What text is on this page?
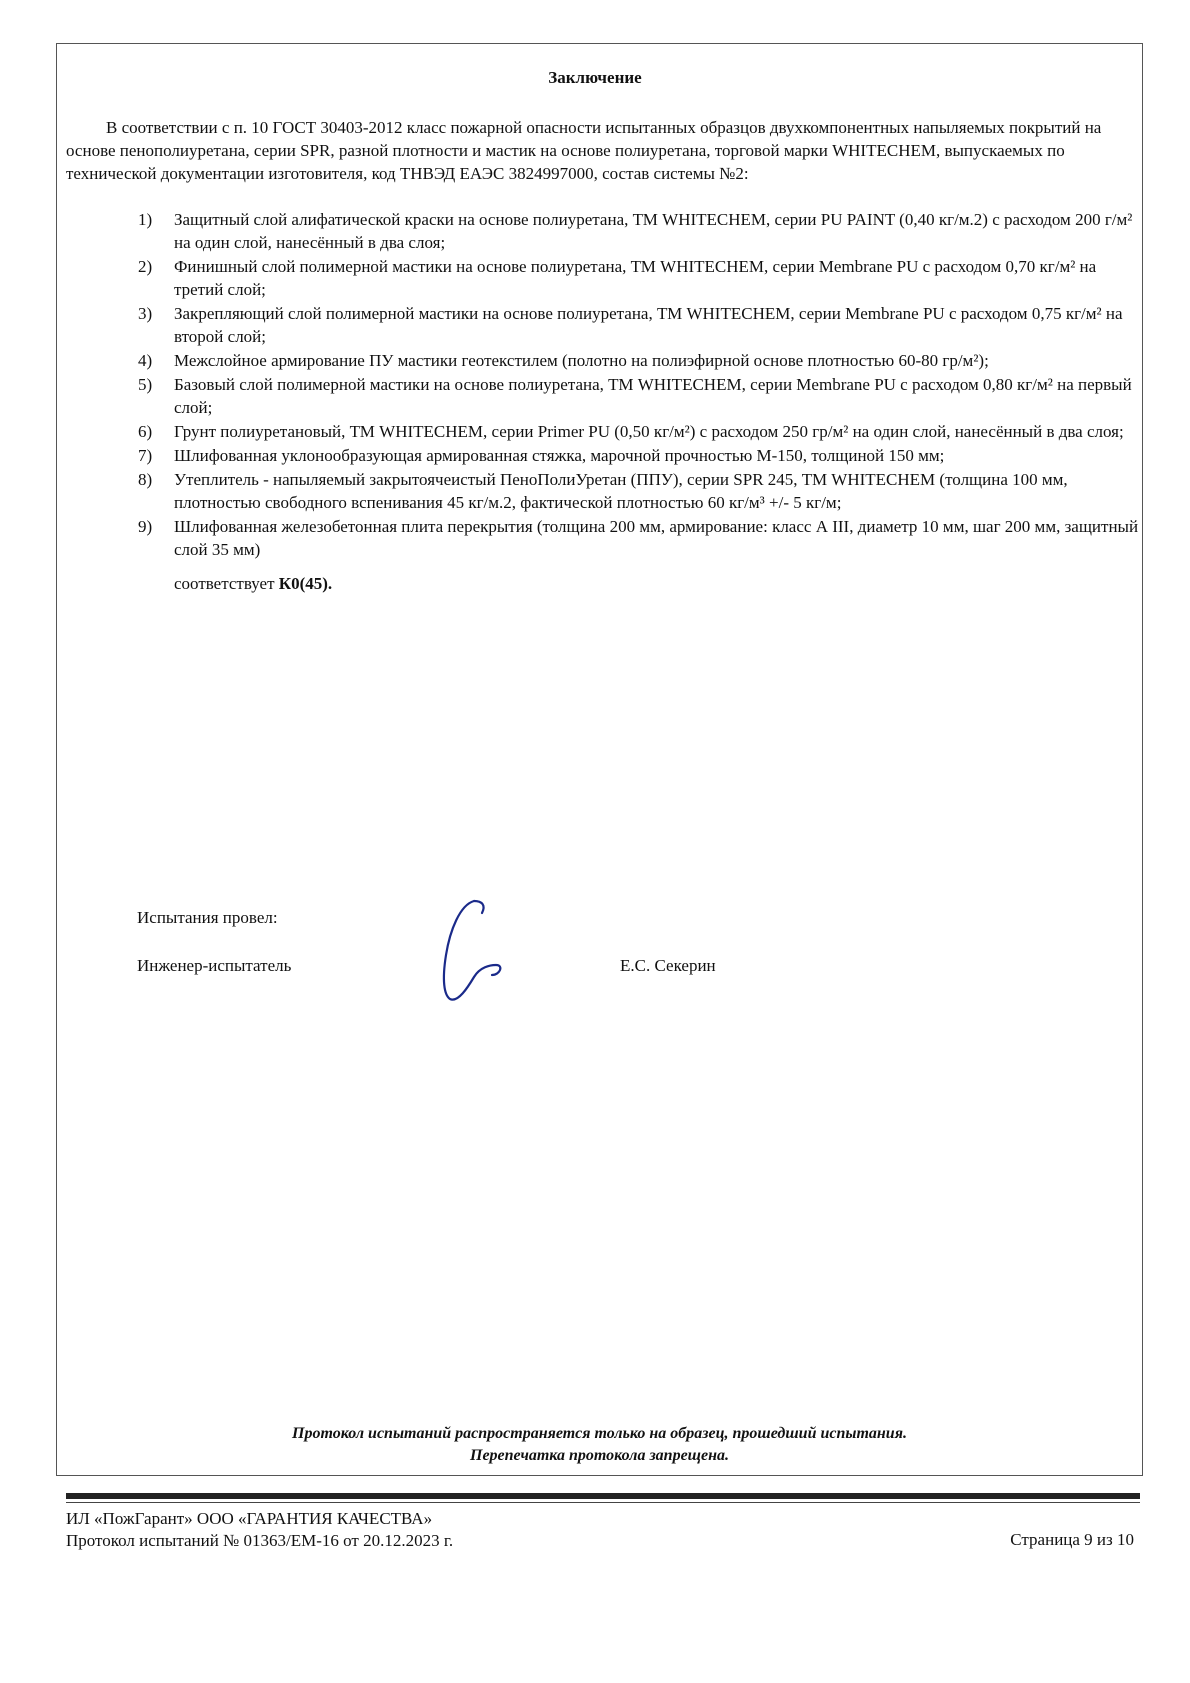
Заключение

В соответствии с п. 10 ГОСТ 30403-2012 класс пожарной опасности испытанных образцов двухкомпонентных напыляемых покрытий на основе пенополиуретана, серии SPR, разной плотности и мастик на основе полиуретана, торговой марки WHITECHEM, выпускаемых по технической документации изготовителя, код ТНВЭД ЕАЭС 3824997000, состав системы №2:

1) Защитный слой алифатической краски на основе полиуретана, ТМ WHITECHEM, серии PU PAINT (0,40 кг/м.2) с расходом 200 г/м² на один слой, нанесённый в два слоя;
2) Финишный слой полимерной мастики на основе полиуретана, ТМ WHITECHEM, серии Membrane PU с расходом 0,70 кг/м² на третий слой;
3) Закрепляющий слой полимерной мастики на основе полиуретана, ТМ WHITECHEM, серии Membrane PU с расходом 0,75 кг/м² на второй слой;
4) Межслойное армирование ПУ мастики геотекстилем (полотно на полиэфирной основе плотностью 60-80 гр/м²);
5) Базовый слой полимерной мастики на основе полиуретана, ТМ WHITECHEM, серии Membrane PU с расходом 0,80 кг/м² на первый слой;
6) Грунт полиуретановый, ТМ WHITECHEM, серии Primer PU (0,50 кг/м²) с расходом 250 гр/м² на один слой, нанесённый в два слоя;
7) Шлифованная уклонообразующая армированная стяжка, марочной прочностью М-150, толщиной 150 мм;
8) Утеплитель - напыляемый закрытоячеистый ПеноПолиУретан (ППУ), серии SPR 245, ТМ WHITECHEM (толщина 100 мм, плотностью свободного вспенивания 45 кг/м.2, фактической плотностью 60 кг/м³ +/- 5 кг/м;
9) Шлифованная железобетонная плита перекрытия (толщина 200 мм, армирование: класс А III, диаметр 10 мм, шаг 200 мм, защитный слой 35 мм)
соответствует К0(45).
Испытания провел:
Инженер-испытатель	Е.С. Секерин
Протокол испытаний распространяется только на образец, прошедший испытания.
Перепечатка протокола запрещена.
ИЛ «ПожГарант» ООО «ГАРАНТИЯ КАЧЕСТВА»
Протокол испытаний № 01363/ЕМ-16 от 20.12.2023 г.	Страница 9 из 10
